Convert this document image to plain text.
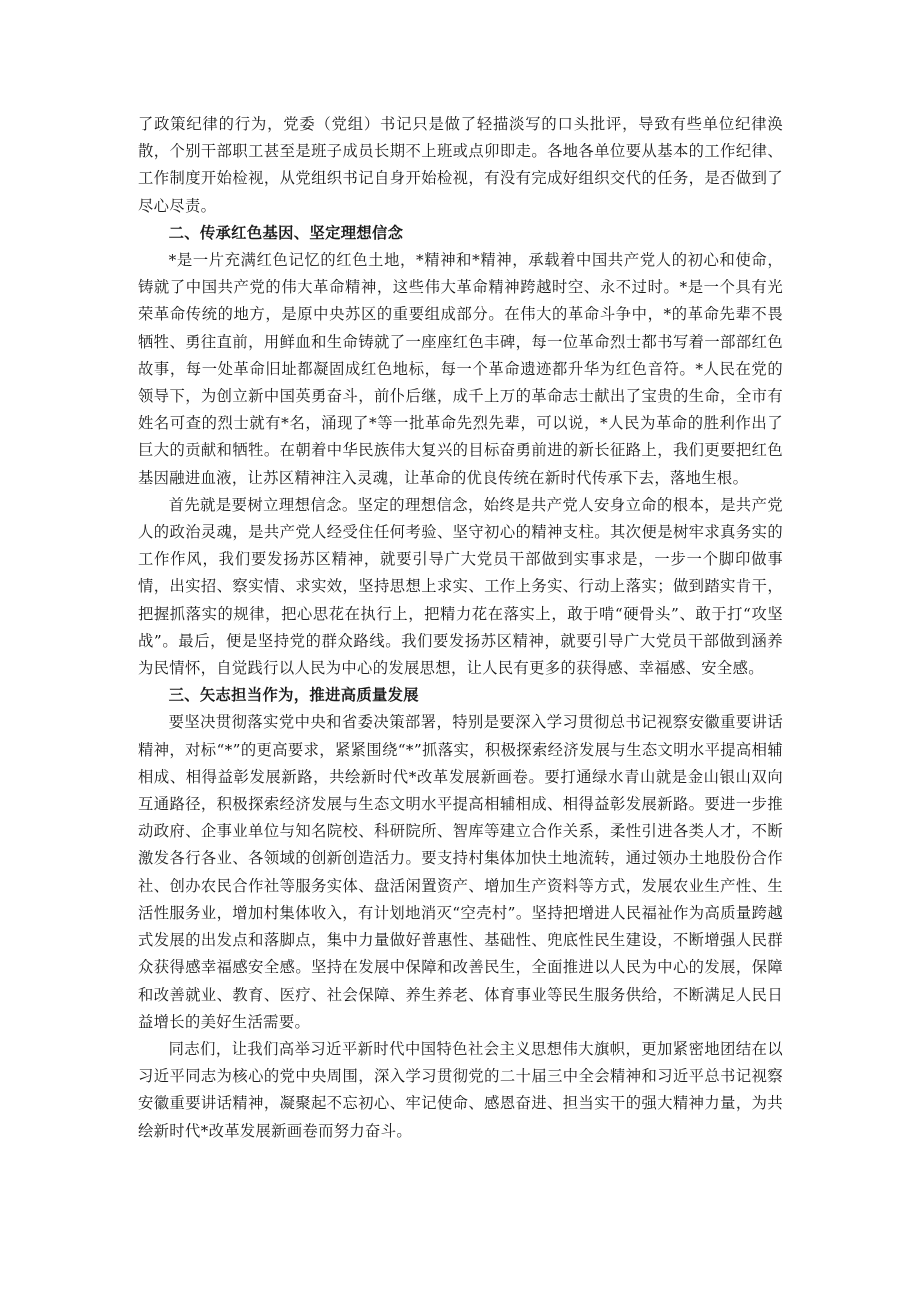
了政策纪律的行为，党委（党组）书记只是做了轻描淡写的口头批评，导致有些单位纪律涣散，个别干部职工甚至是班子成员长期不上班或点卯即走。各地各单位要从基本的工作纪律、工作制度开始检视，从党组织书记自身开始检视，有没有完成好组织交代的任务，是否做到了尽心尽责。

二、传承红色基因、坚定理想信念

*是一片充满红色记忆的红色土地，*精神和*精神，承载着中国共产党人的初心和使命，铸就了中国共产党的伟大革命精神，这些伟大革命精神跨越时空、永不过时。*是一个具有光荣革命传统的地方，是原中央苏区的重要组成部分。在伟大的革命斗争中，*的革命先辈不畏牺牲、勇往直前，用鲜血和生命铸就了一座座红色丰碑，每一位革命烈士都书写着一部部红色故事，每一处革命旧址都凝固成红色地标，每一个革命遗迹都升华为红色音符。*人民在党的领导下，为创立新中国英勇奋斗，前仆后继，成千上万的革命志士献出了宝贵的生命，全市有姓名可查的烈士就有*名，涌现了*等一批革命先烈先辈，可以说，*人民为革命的胜利作出了巨大的贡献和牺牲。在朝着中华民族伟大复兴的目标奋勇前进的新长征路上，我们更要把红色基因融进血液，让苏区精神注入灵魂，让革命的优良传统在新时代传承下去，落地生根。

首先就是要树立理想信念。坚定的理想信念，始终是共产党人安身立命的根本，是共产党人的政治灵魂，是共产党人经受住任何考验、坚守初心的精神支柱。其次便是树牢求真务实的工作作风，我们要发扬苏区精神，就要引导广大党员干部做到实事求是，一步一个脚印做事情，出实招、察实情、求实效，坚持思想上求实、工作上务实、行动上落实；做到踏实肯干，把握抓落实的规律，把心思花在执行上，把精力花在落实上，敢于啃“硬骨头”、敢于打“攻坚战”。最后，便是坚持党的群众路线。我们要发扬苏区精神，就要引导广大党员干部做到涵养为民情怀，自觉践行以人民为中心的发展思想，让人民有更多的获得感、幸福感、安全感。

三、矢志担当作为，推进高质量发展

要坚决贯彻落实党中央和省委决策部署，特别是要深入学习贯彻总书记视察安徽重要讲话精神，对标“*”的更高要求，紧紧围绕“*”抓落实，积极探索经济发展与生态文明水平提高相辅相成、相得益彰发展新路，共绘新时代*改革发展新画卷。要打通绿水青山就是金山银山双向互通路径，积极探索经济发展与生态文明水平提高相辅相成、相得益彰发展新路。要进一步推动政府、企事业单位与知名院校、科研院所、智库等建立合作关系，柔性引进各类人才，不断激发各行各业、各领域的创新创造活力。要支持村集体加快土地流转，通过领办土地股份合作社、创办农民合作社等服务实体、盘活闲置资产、增加生产资料等方式，发展农业生产性、生活性服务业，增加村集体收入，有计划地消灭“空壳村”。坚持把增进人民福祉作为高质量跨越式发展的出发点和落脚点，集中力量做好普惠性、基础性、兜底性民生建设，不断增强人民群众获得感幸福感安全感。坚持在发展中保障和改善民生，全面推进以人民为中心的发展，保障和改善就业、教育、医疗、社会保障、养生养老、体育事业等民生服务供给，不断满足人民日益增长的美好生活需要。

同志们，让我们高举习近平新时代中国特色社会主义思想伟大旗帜，更加紧密地团结在以习近平同志为核心的党中央周围，深入学习贯彻党的二十届三中全会精神和习近平总书记视察安徽重要讲话精神，凝聚起不忘初心、牢记使命、感恩奋进、担当实干的强大精神力量，为共绘新时代*改革发展新画卷而努力奋斗。
